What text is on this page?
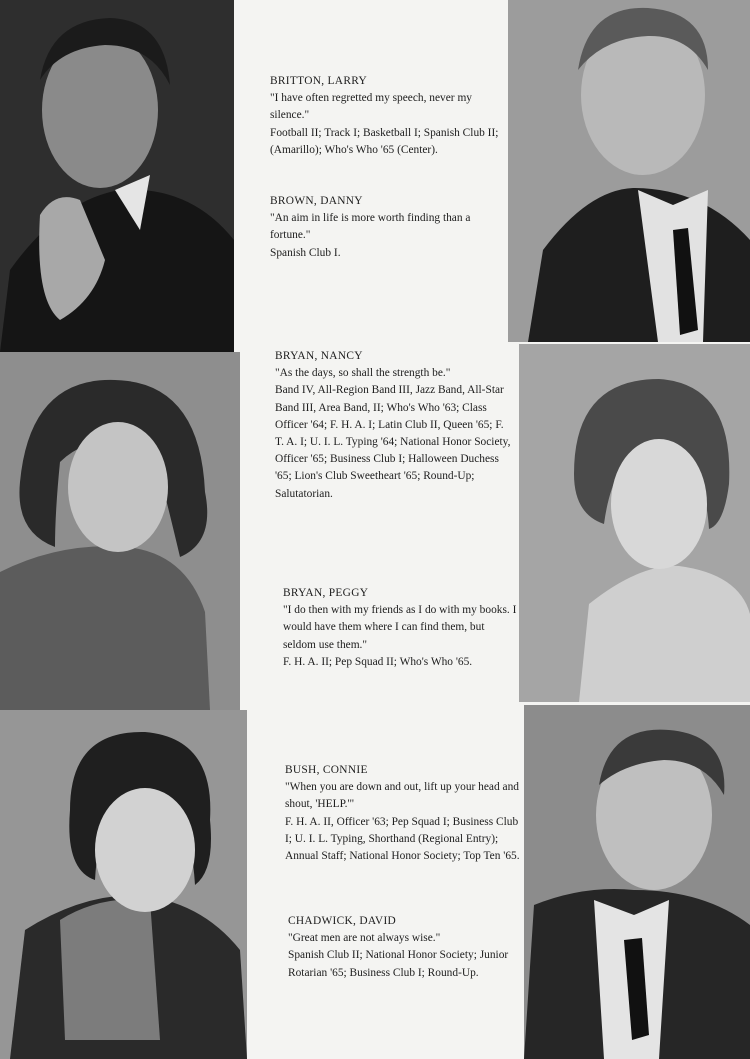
BRITTON, LARRY
"I have often regretted my speech, never my silence."
Football II; Track I; Basketball I; Spanish Club II; (Amarillo); Who's Who '65 (Center).
BROWN, DANNY
"An aim in life is more worth finding than a fortune."
Spanish Club I.
BRYAN, NANCY
"As the days, so shall the strength be."
Band IV, All-Region Band III, Jazz Band, All-Star Band III, Area Band, II; Who's Who '63; Class Officer '64; F. H. A. I; Latin Club II, Queen '65; F. T. A. I; U. I. L. Typing '64; National Honor Society, Officer '65; Business Club I; Halloween Duchess '65; Lion's Club Sweetheart '65; Round-Up; Salutatorian.
BRYAN, PEGGY
"I do then with my friends as I do with my books. I would have them where I can find them, but seldom use them."
F. H. A. II; Pep Squad II; Who's Who '65.
BUSH, CONNIE
"When you are down and out, lift up your head and shout, 'HELP.'"
F. H. A. II, Officer '63; Pep Squad I; Business Club I; U. I. L. Typing, Shorthand (Regional Entry); Annual Staff; National Honor Society; Top Ten '65.
CHADWICK, DAVID
"Great men are not always wise."
Spanish Club II; National Honor Society; Junior Rotarian '65; Business Club I; Round-Up.
